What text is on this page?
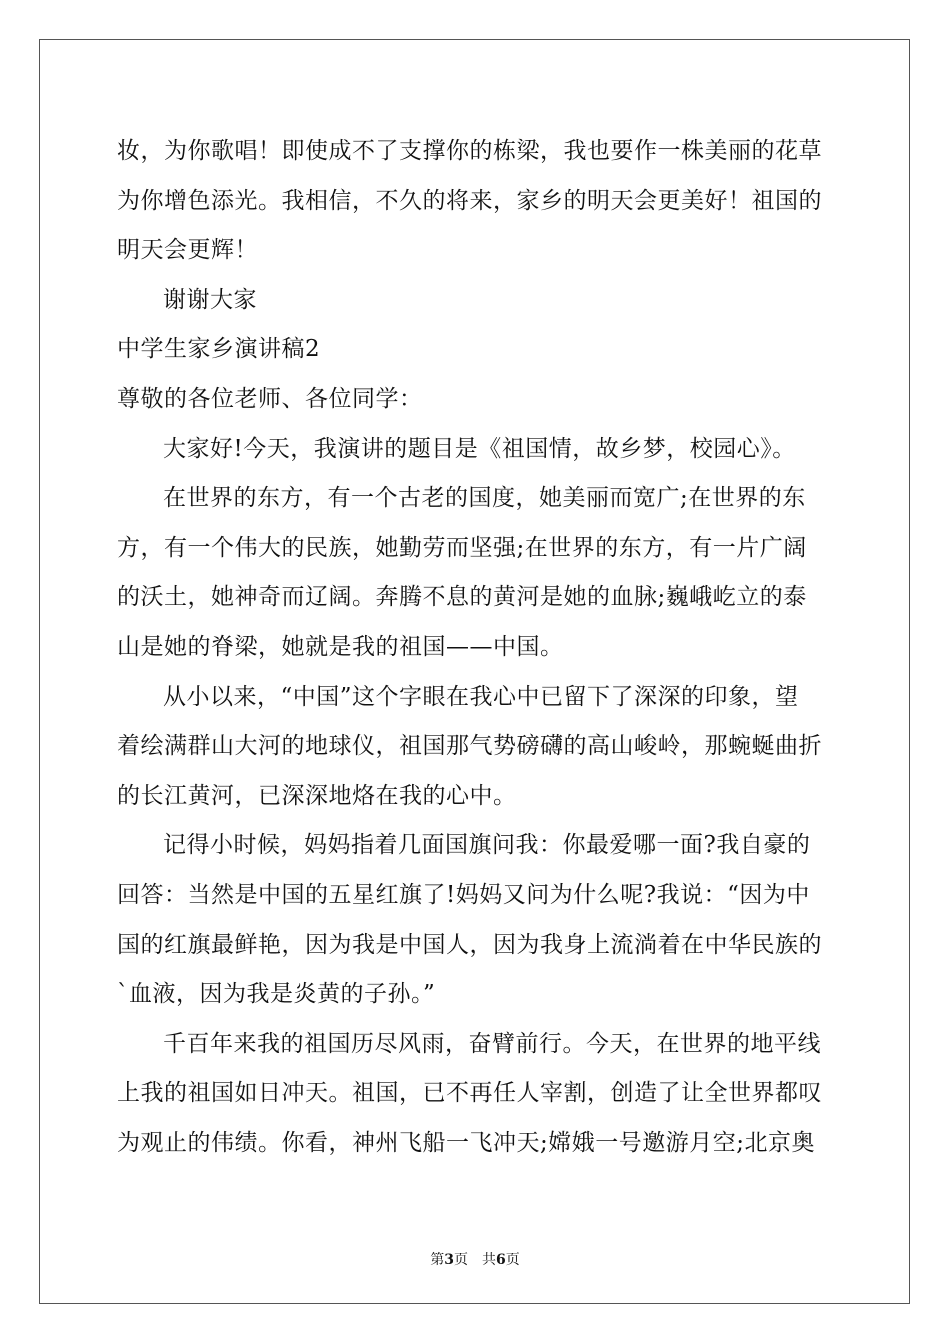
妆，为你歌唱！即使成不了支撑你的栋梁，我也要作一株美丽的花草
为你增色添光。我相信，不久的将来，家乡的明天会更美好！祖国的
明天会更辉！
谢谢大家
中学生家乡演讲稿2
尊敬的各位老师、各位同学：
大家好!今天，我演讲的题目是《祖国情，故乡梦，校园心》。
在世界的东方，有一个古老的国度，她美丽而宽广;在世界的东
方，有一个伟大的民族，她勤劳而坚强;在世界的东方，有一片广阔
的沃土，她神奇而辽阔。奔腾不息的黄河是她的血脉;巍峨屹立的泰
山是她的脊梁，她就是我的祖国——中国。
从小以来，“中国”这个字眼在我心中已留下了深深的印象，望
着绘满群山大河的地球仪，祖国那气势磅礴的高山峻岭，那蜿蜒曲折
的长江黄河，已深深地烙在我的心中。
记得小时候，妈妈指着几面国旗问我：你最爱哪一面?我自豪的
回答：当然是中国的五星红旗了!妈妈又问为什么呢?我说：“因为中
国的红旗最鲜艳，因为我是中国人，因为我身上流淌着在中华民族的
`血液，因为我是炎黄的子孙。”
千百年来我的祖国历尽风雨，奋臂前行。今天，在世界的地平线
上我的祖国如日冲天。祖国，已不再任人宰割，创造了让全世界都叹
为观止的伟绩。你看，神州飞船一飞冲天;嫦娥一号邀游月空;北京奥
第3页　共6页
